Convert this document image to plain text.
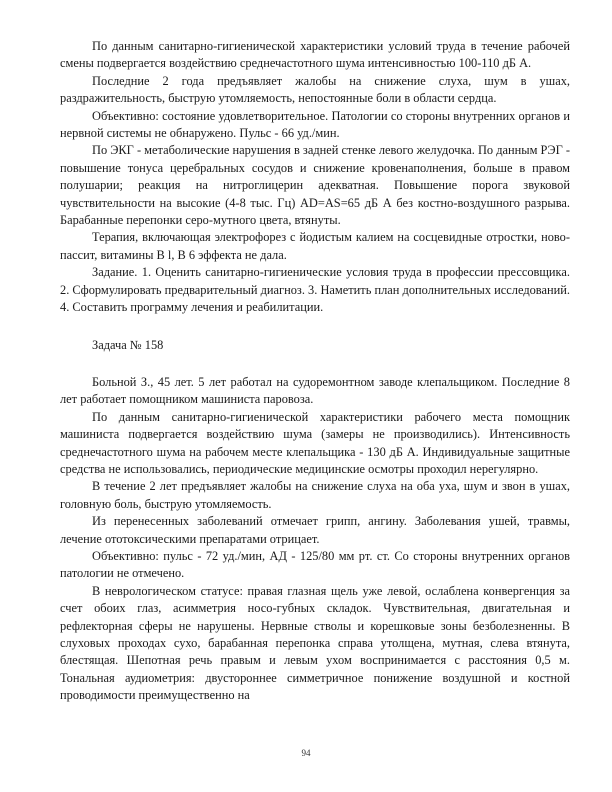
По данным санитарно-гигиенической характеристики условий труда в течение рабочей смены подвергается воздействию среднечастотного шума интенсивностью 100-110 дБ А.

Последние 2 года предъявляет жалобы на снижение слуха, шум в ушах, раздражительность, быструю утомляемость, непостоянные боли в области сердца.

Объективно: состояние удовлетворительное. Патологии со стороны внутренних органов и нервной системы не обнаружено. Пульс - 66 уд./мин.

По ЭКГ - метаболические нарушения в задней стенке левого желудочка. По данным РЭГ - повышение тонуса церебральных сосудов и снижение кровенаполнения, больше в правом полушарии; реакция на нитроглицерин адекватная. Повышение порога звуковой чувствительности на высокие (4-8 тыс. Гц) AD=AS=65 дБ А без костно-воздушного разрыва. Барабанные перепонки серо-мутного цвета, втянуты.

Терапия, включающая электрофорез с йодистым калием на сосцевидные отростки, ново-пассит, витамины B l, B 6 эффекта не дала.

Задание. 1. Оценить санитарно-гигиенические условия труда в профессии прессовщика. 2. Сформулировать предварительный диагноз. 3. Наметить план дополнительных исследований. 4. Составить программу лечения и реабилитации.

Задача № 158

Больной З., 45 лет. 5 лет работал на судоремонтном заводе клепальщиком. Последние 8 лет работает помощником машиниста паровоза.

По данным санитарно-гигиенической характеристики рабочего места помощник машиниста подвергается воздействию шума (замеры не производились). Интенсивность среднечастотного шума на рабочем месте клепальщика - 130 дБ А. Индивидуальные защитные средства не использовались, периодические медицинские осмотры проходил нерегулярно.

В течение 2 лет предъявляет жалобы на снижение слуха на оба уха, шум и звон в ушах, головную боль, быструю утомляемость.

Из перенесенных заболеваний отмечает грипп, ангину. Заболевания ушей, травмы, лечение ототоксическими препаратами отрицает.

Объективно: пульс - 72 уд./мин, АД - 125/80 мм рт. ст. Со стороны внутренних органов патологии не отмечено.

В неврологическом статусе: правая глазная щель уже левой, ослаблена конвергенция за счет обоих глаз, асимметрия носо-губных складок. Чувствительная, двигательная и рефлекторная сферы не нарушены. Нервные стволы и корешковые зоны безболезненны. В слуховых проходах сухо, барабанная перепонка справа утолщена, мутная, слева втянута, блестящая. Шепотная речь правым и левым ухом воспринимается с расстояния 0,5 м. Тональная аудиометрия: двустороннее симметричное понижение воздушной и костной проводимости преимущественно на

94
